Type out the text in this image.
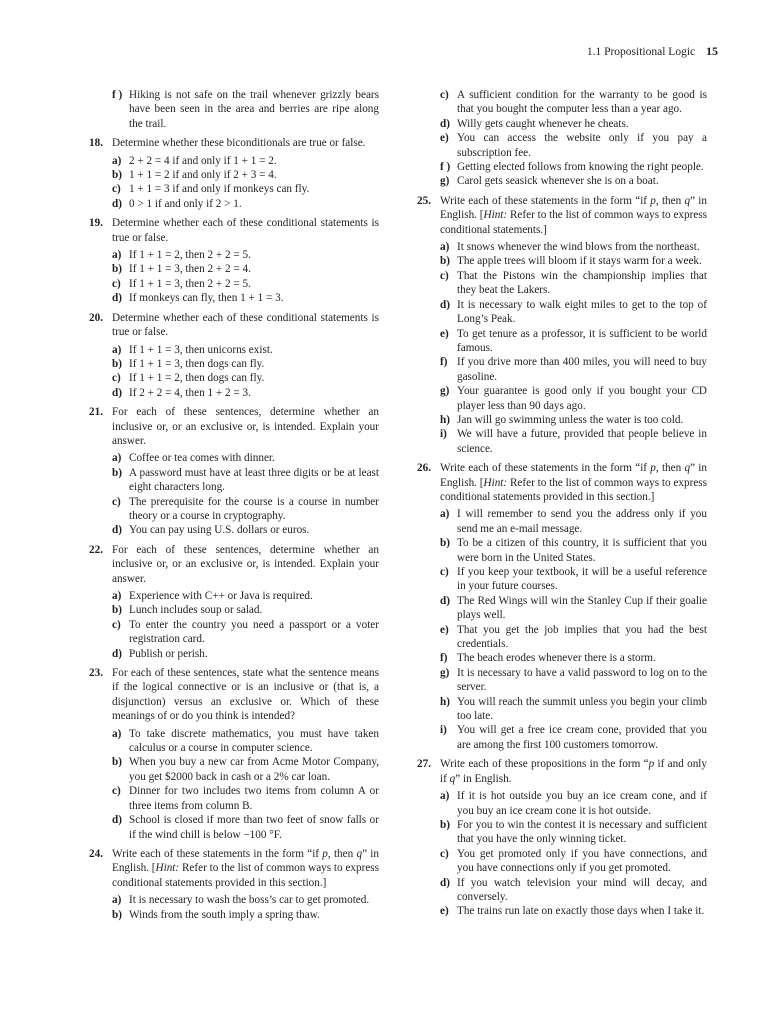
1.1 Propositional Logic 15
f ) Hiking is not safe on the trail whenever grizzly bears have been seen in the area and berries are ripe along the trail.
18. Determine whether these biconditionals are true or false.
a) 2 + 2 = 4 if and only if 1 + 1 = 2.
b) 1 + 1 = 2 if and only if 2 + 3 = 4.
c) 1 + 1 = 3 if and only if monkeys can fly.
d) 0 > 1 if and only if 2 > 1.
19. Determine whether each of these conditional statements is true or false.
a) If 1 + 1 = 2, then 2 + 2 = 5.
b) If 1 + 1 = 3, then 2 + 2 = 4.
c) If 1 + 1 = 3, then 2 + 2 = 5.
d) If monkeys can fly, then 1 + 1 = 3.
20. Determine whether each of these conditional statements is true or false.
a) If 1 + 1 = 3, then unicorns exist.
b) If 1 + 1 = 3, then dogs can fly.
c) If 1 + 1 = 2, then dogs can fly.
d) If 2 + 2 = 4, then 1 + 2 = 3.
21. For each of these sentences, determine whether an inclusive or, or an exclusive or, is intended. Explain your answer.
a) Coffee or tea comes with dinner.
b) A password must have at least three digits or be at least eight characters long.
c) The prerequisite for the course is a course in number theory or a course in cryptography.
d) You can pay using U.S. dollars or euros.
22. For each of these sentences, determine whether an inclusive or, or an exclusive or, is intended. Explain your answer.
a) Experience with C++ or Java is required.
b) Lunch includes soup or salad.
c) To enter the country you need a passport or a voter registration card.
d) Publish or perish.
23. For each of these sentences, state what the sentence means if the logical connective or is an inclusive or (that is, a disjunction) versus an exclusive or. Which of these meanings of or do you think is intended?
a) To take discrete mathematics, you must have taken calculus or a course in computer science.
b) When you buy a new car from Acme Motor Company, you get $2000 back in cash or a 2% car loan.
c) Dinner for two includes two items from column A or three items from column B.
d) School is closed if more than two feet of snow falls or if the wind chill is below −100 °F.
24. Write each of these statements in the form “if p, then q” in English. [Hint: Refer to the list of common ways to express conditional statements provided in this section.]
a) It is necessary to wash the boss’s car to get promoted.
b) Winds from the south imply a spring thaw.
c) A sufficient condition for the warranty to be good is that you bought the computer less than a year ago.
d) Willy gets caught whenever he cheats.
e) You can access the website only if you pay a subscription fee.
f ) Getting elected follows from knowing the right people.
g) Carol gets seasick whenever she is on a boat.
25. Write each of these statements in the form “if p, then q” in English. [Hint: Refer to the list of common ways to express conditional statements.]
a) It snows whenever the wind blows from the northeast.
b) The apple trees will bloom if it stays warm for a week.
c) That the Pistons win the championship implies that they beat the Lakers.
d) It is necessary to walk eight miles to get to the top of Long’s Peak.
e) To get tenure as a professor, it is sufficient to be world famous.
f) If you drive more than 400 miles, you will need to buy gasoline.
g) Your guarantee is good only if you bought your CD player less than 90 days ago.
h) Jan will go swimming unless the water is too cold.
i) We will have a future, provided that people believe in science.
26. Write each of these statements in the form “if p, then q” in English. [Hint: Refer to the list of common ways to express conditional statements provided in this section.]
a) I will remember to send you the address only if you send me an e-mail message.
b) To be a citizen of this country, it is sufficient that you were born in the United States.
c) If you keep your textbook, it will be a useful reference in your future courses.
d) The Red Wings will win the Stanley Cup if their goalie plays well.
e) That you get the job implies that you had the best credentials.
f) The beach erodes whenever there is a storm.
g) It is necessary to have a valid password to log on to the server.
h) You will reach the summit unless you begin your climb too late.
i) You will get a free ice cream cone, provided that you are among the first 100 customers tomorrow.
27. Write each of these propositions in the form “p if and only if q” in English.
a) If it is hot outside you buy an ice cream cone, and if you buy an ice cream cone it is hot outside.
b) For you to win the contest it is necessary and sufficient that you have the only winning ticket.
c) You get promoted only if you have connections, and you have connections only if you get promoted.
d) If you watch television your mind will decay, and conversely.
e) The trains run late on exactly those days when I take it.
